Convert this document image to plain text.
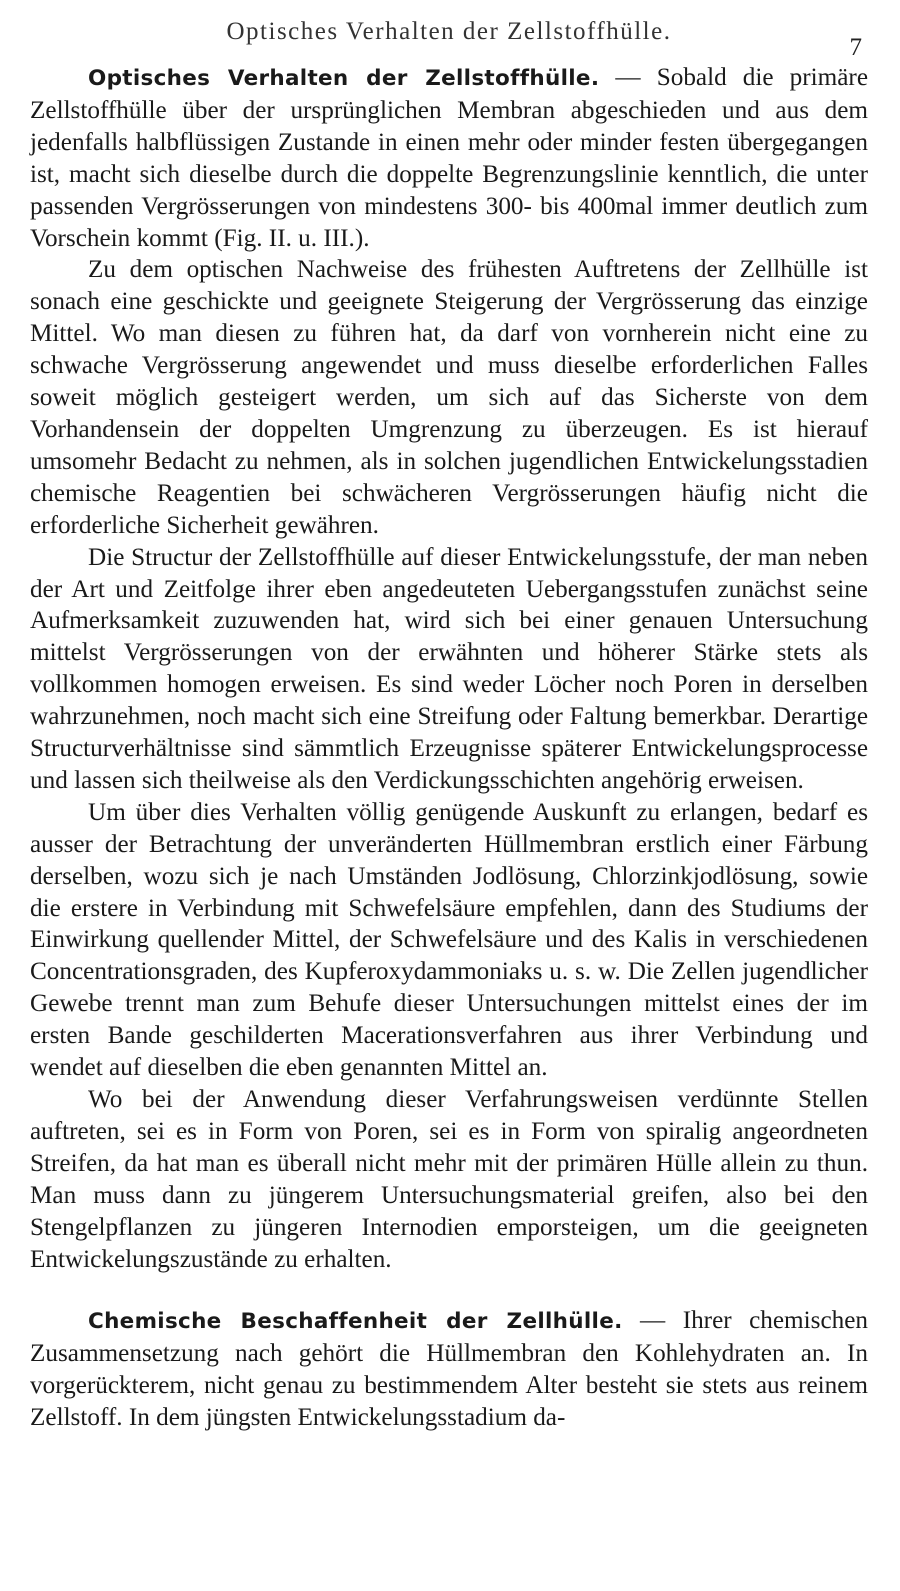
Optisches Verhalten der Zellstoffhülle.
7

Optisches Verhalten der Zellstoffhülle. — Sobald die primäre Zellstoffhülle über der ursprünglichen Membran abgeschieden und aus dem jedenfalls halbflüssigen Zustande in einen mehr oder minder festen übergegangen ist, macht sich dieselbe durch die doppelte Begrenzungslinie kenntlich, die unter passenden Vergrösserungen von mindestens 300- bis 400mal immer deutlich zum Vorschein kommt (Fig. II. u. III.).

Zu dem optischen Nachweise des frühesten Auftretens der Zellhülle ist sonach eine geschickte und geeignete Steigerung der Vergrösserung das einzige Mittel. Wo man diesen zu führen hat, da darf von vornherein nicht eine zu schwache Vergrösserung angewendet und muss dieselbe erforderlichen Falles soweit möglich gesteigert werden, um sich auf das Sicherste von dem Vorhandensein der doppelten Umgrenzung zu überzeugen. Es ist hierauf umsomehr Bedacht zu nehmen, als in solchen jugendlichen Entwickelungsstadien chemische Reagentien bei schwächeren Vergrösserungen häufig nicht die erforderliche Sicherheit gewähren.

Die Structur der Zellstoffhülle auf dieser Entwickelungsstufe, der man neben der Art und Zeitfolge ihrer eben angedeuteten Uebergangsstufen zunächst seine Aufmerksamkeit zuzuwenden hat, wird sich bei einer genauen Untersuchung mittelst Vergrösserungen von der erwähnten und höherer Stärke stets als vollkommen homogen erweisen. Es sind weder Löcher noch Poren in derselben wahrzunehmen, noch macht sich eine Streifung oder Faltung bemerkbar. Derartige Structurverhältnisse sind sämmtlich Erzeugnisse späterer Entwickelungsprocesse und lassen sich theilweise als den Verdickungsschichten angehörig erweisen.

Um über dies Verhalten völlig genügende Auskunft zu erlangen, bedarf es ausser der Betrachtung der unveränderten Hüllmembran erstlich einer Färbung derselben, wozu sich je nach Umständen Jodlösung, Chlorzinkjodlösung, sowie die erstere in Verbindung mit Schwefelsäure empfehlen, dann des Studiums der Einwirkung quellender Mittel, der Schwefelsäure und des Kalis in verschiedenen Concentrationsgraden, des Kupferoxydammoniaks u. s. w. Die Zellen jugendlicher Gewebe trennt man zum Behufe dieser Untersuchungen mittelst eines der im ersten Bande geschilderten Macerationsverfahren aus ihrer Verbindung und wendet auf dieselben die eben genannten Mittel an.

Wo bei der Anwendung dieser Verfahrungsweisen verdünnte Stellen auftreten, sei es in Form von Poren, sei es in Form von spiralig angeordneten Streifen, da hat man es überall nicht mehr mit der primären Hülle allein zu thun. Man muss dann zu jüngerem Untersuchungsmaterial greifen, also bei den Stengelpflanzen zu jüngeren Internodien emporsteigen, um die geeigneten Entwickelungszustände zu erhalten.

Chemische Beschaffenheit der Zellhülle. — Ihrer chemischen Zusammensetzung nach gehört die Hüllmembran den Kohlehydraten an. In vorgerückterem, nicht genau zu bestimmendem Alter besteht sie stets aus reinem Zellstoff. In dem jüngsten Entwickelungsstadium da-
